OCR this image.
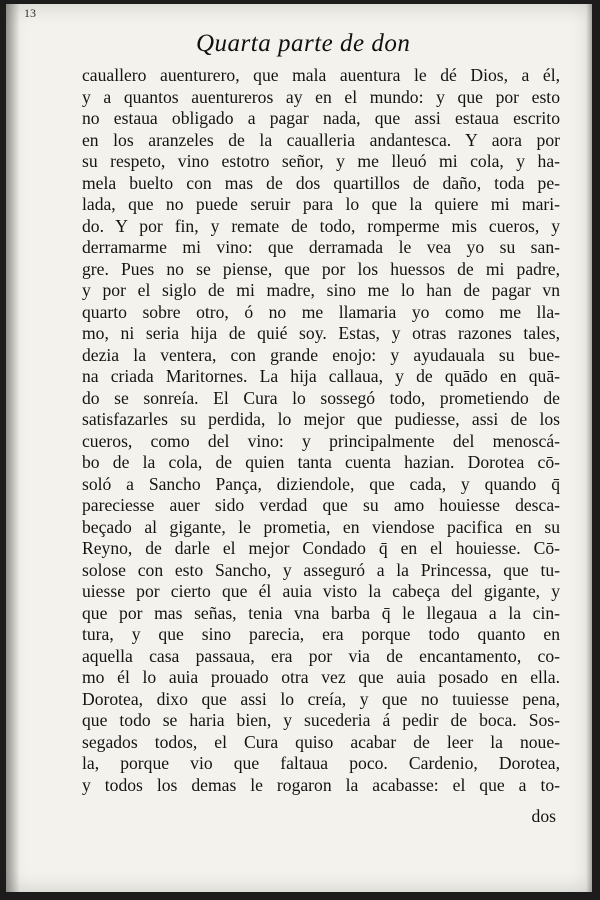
13
Quarta parte de don
cauallero auenturero, que mala auentura le dé Dios, a él,
y a quantos auentureros ay en el mundo: y que por esto
no estaua obligado a pagar nada, que assi estaua escrito
en los aranzeles de la caualleria andantesca. Y aora por
su respeto, vino estotro señor, y me lleuó mi cola, y ha-
mela buelto con mas de dos quartillos de daño, toda pe-
lada, que no puede seruir para lo que la quiere mi mari-
do. Y por fin, y remate de todo, romperme mis cueros, y
derramarme mi vino: que derramada le vea yo su san-
gre. Pues no se piense, que por los huessos de mi padre,
y por el siglo de mi madre, sino me lo han de pagar vn
quarto sobre otro, ó no me llamaria yo como me lla-
mo, ni seria hija de quié soy. Estas, y otras razones tales,
dezia la ventera, con grande enojo: y ayudauala su bue-
na criada Maritornes. La hija callaua, y de quādo en quā-
do se sonreía. El Cura lo sossegó todo, prometiendo de
satisfazarles su perdida, lo mejor que pudiesse, assi de los
cueros, como del vino: y principalmente del menoscá-
bo de la cola, de quien tanta cuenta hazian. Dorotea cō-
soló a Sancho Pança, diziendole, que cada, y quando q̄
pareciesse auer sido verdad que su amo houiesse desca-
beçado al gigante, le prometia, en viendose pacifica en su
Reyno, de darle el mejor Condado q̄ en el houiesse. Cō-
solose con esto Sancho, y asseguró a la Princessa, que tu-
uiesse por cierto que él auia visto la cabeça del gigante, y
que por mas señas, tenia vna barba q̄ le llegaua a la cin-
tura, y que sino parecia, era porque todo quanto en
aquella casa passaua, era por via de encantamento, co-
mo él lo auia prouado otra vez que auia posado en ella.
Dorotea, dixo que assi lo creía, y que no tuuiesse pena,
que todo se haria bien, y sucederia á pedir de boca. Sos-
segados todos, el Cura quiso acabar de leer la noue-
la, porque vio que faltaua poco. Cardenio, Dorotea,
y todos los demas le rogaron la acabasse: el que a to-
dos
